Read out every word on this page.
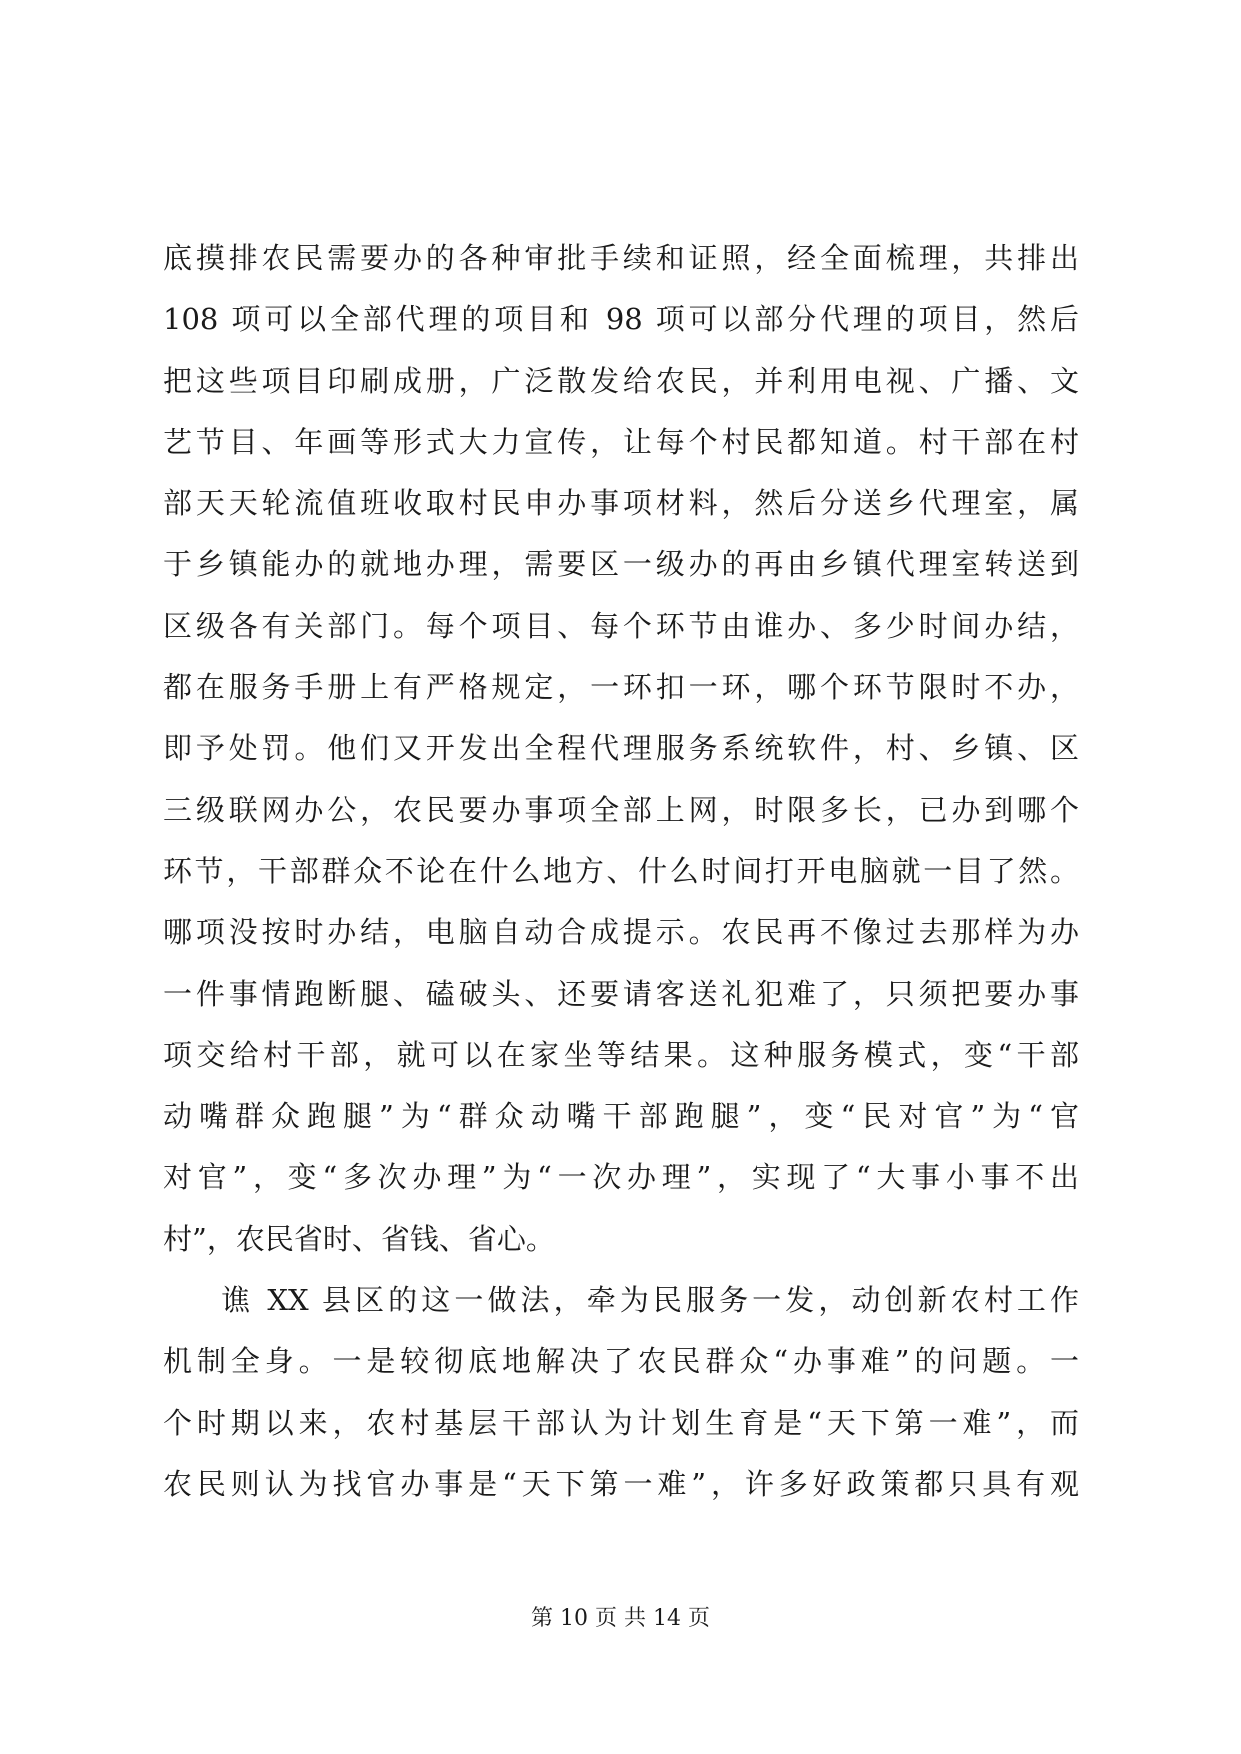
底摸排农民需要办的各种审批手续和证照，经全面梳理，共排出
108 项可以全部代理的项目和 98 项可以部分代理的项目，然后
把这些项目印刷成册，广泛散发给农民，并利用电视、广播、文
艺节目、年画等形式大力宣传，让每个村民都知道。村干部在村
部天天轮流值班收取村民申办事项材料，然后分送乡代理室，属
于乡镇能办的就地办理，需要区一级办的再由乡镇代理室转送到
区级各有关部门。每个项目、每个环节由谁办、多少时间办结，
都在服务手册上有严格规定，一环扣一环，哪个环节限时不办，
即予处罚。他们又开发出全程代理服务系统软件，村、乡镇、区
三级联网办公，农民要办事项全部上网，时限多长，已办到哪个
环节，干部群众不论在什么地方、什么时间打开电脑就一目了然。
哪项没按时办结，电脑自动合成提示。农民再不像过去那样为办
一件事情跑断腿、磕破头、还要请客送礼犯难了，只须把要办事
项交给村干部，就可以在家坐等结果。这种服务模式，变“干部
动嘴群众跑腿”为“群众动嘴干部跑腿”，变“民对官”为“官
对官”，变“多次办理”为“一次办理”，实现了“大事小事不出
村”，农民省时、省钱、省心。
谯 XX 县区的这一做法，牵为民服务一发，动创新农村工作
机制全身。一是较彻底地解决了农民群众“办事难”的问题。一
个时期以来，农村基层干部认为计划生育是“天下第一难”，而
农民则认为找官办事是“天下第一难”，许多好政策都只具有观
第 10 页 共 14 页
